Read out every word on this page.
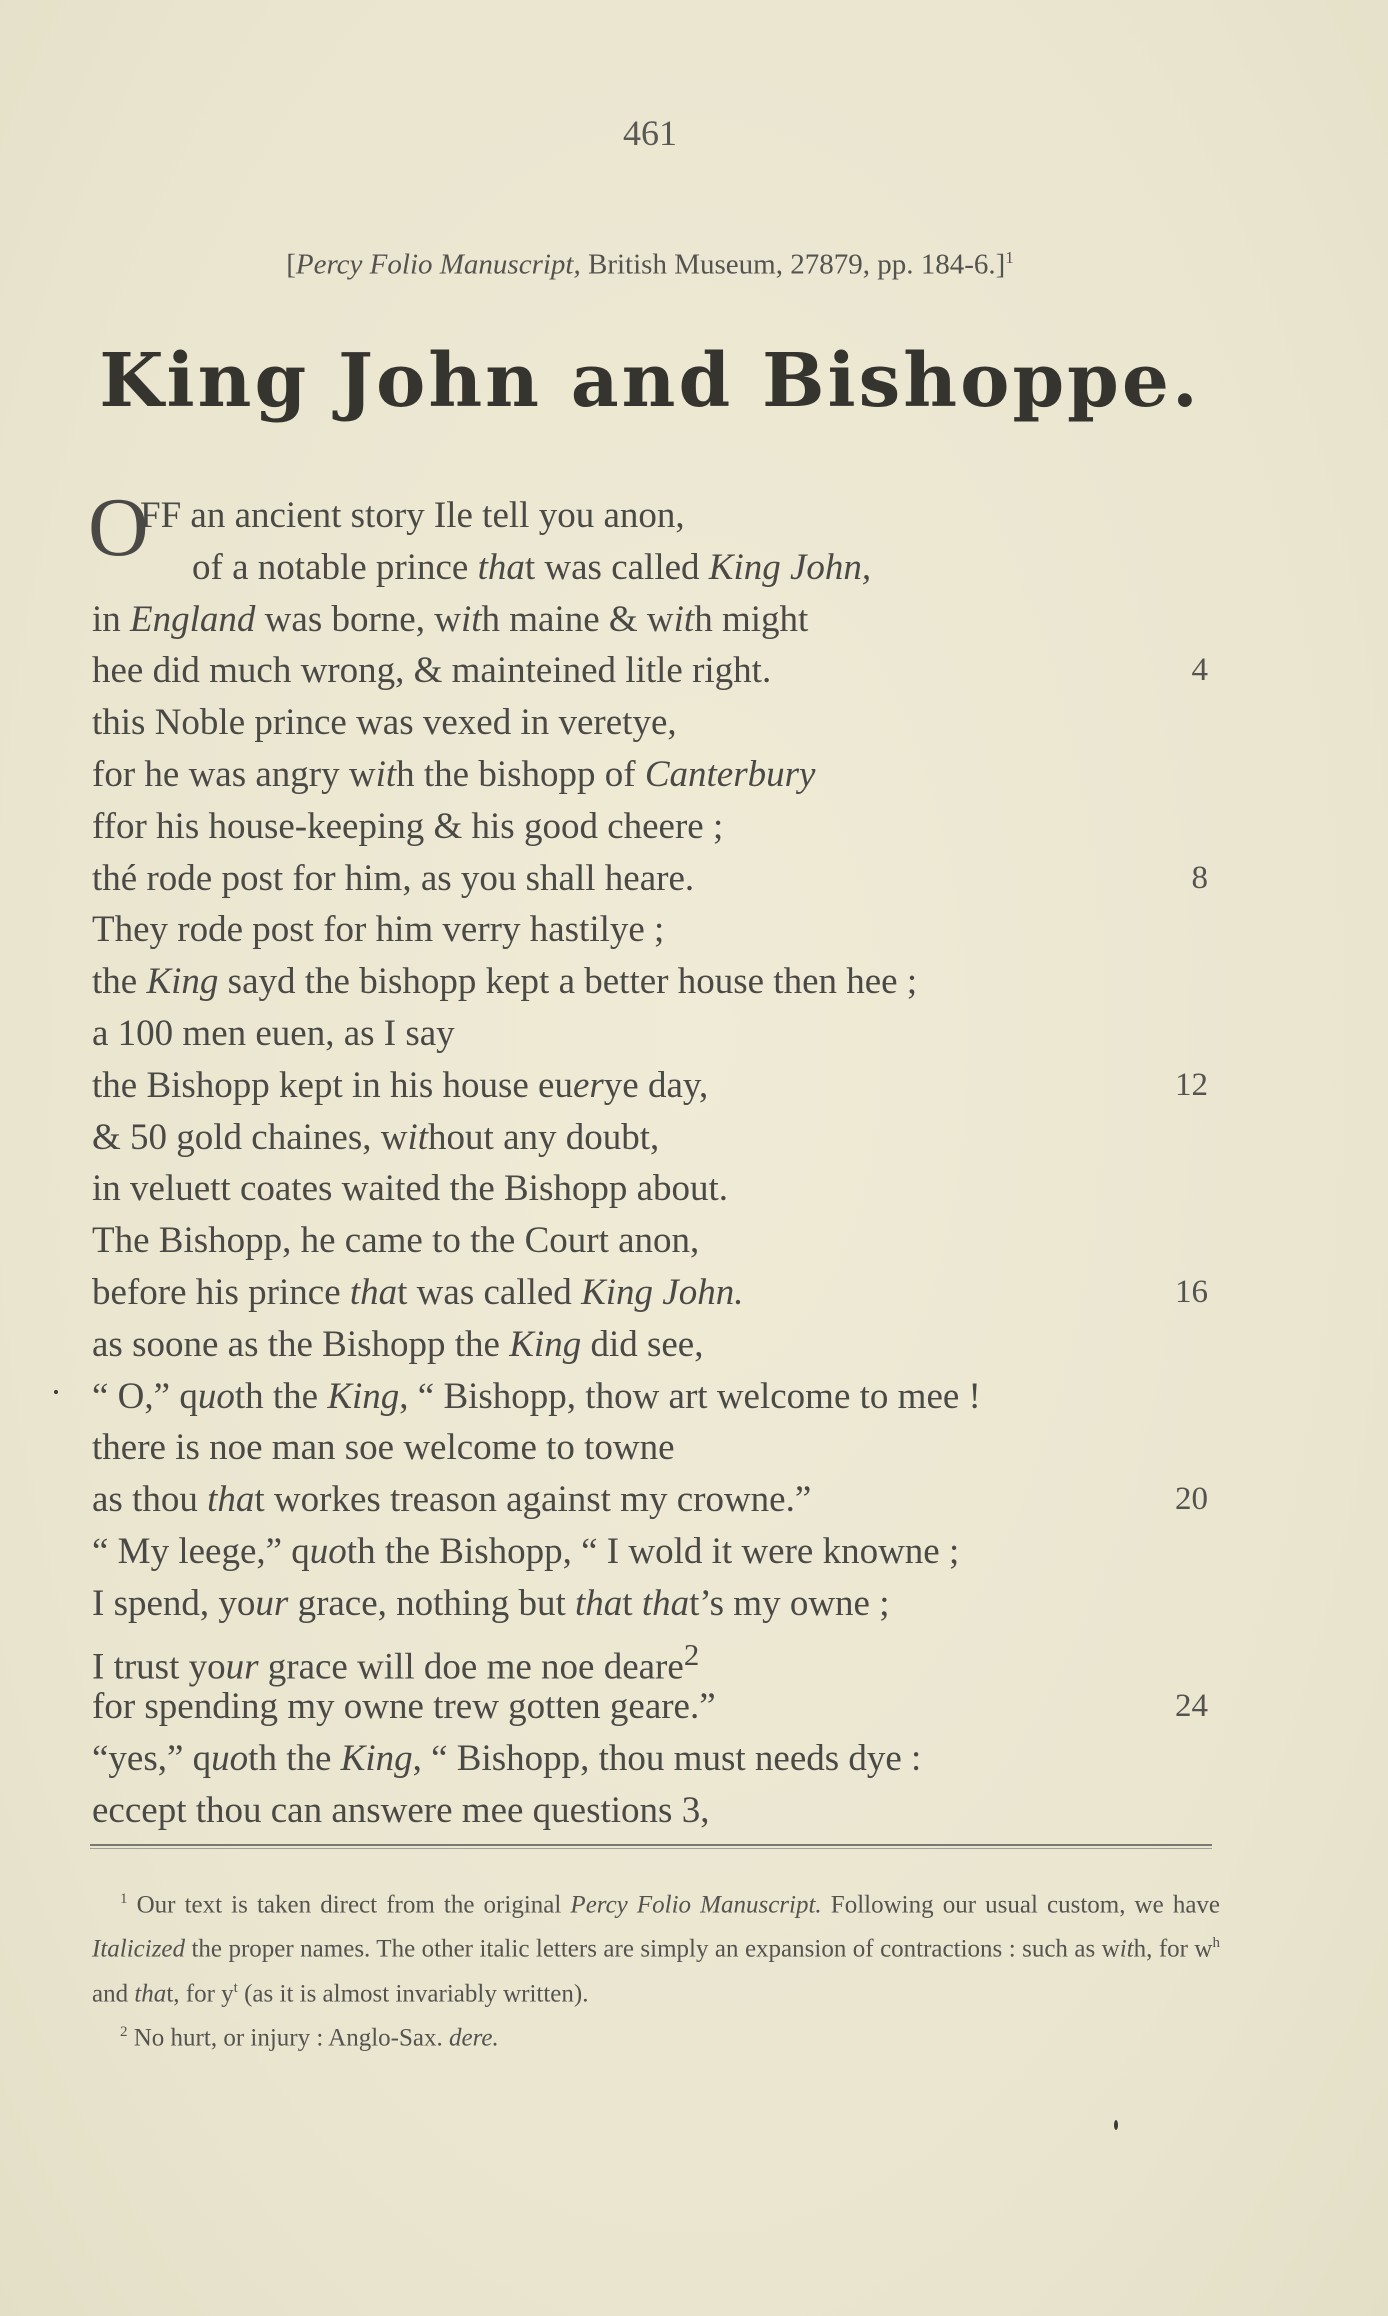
461
[Percy Folio Manuscript, British Museum, 27879, pp. 184-6.]$^1$
King John and Bishoppe.
O
FF an ancient story Ile tell you anon,
of a notable prince that was called King John,
in England was borne, with maine & with might
hee did much wrong, & mainteined litle right.	4
this Noble prince was vexed in veretye,
for he was angry with the bishopp of Canterbury
ffor his house-keeping & his good cheere ;
thé rode post for him, as you shall heare.	8
They rode post for him verry hastilye ;
the King sayd the bishopp kept a better house then hee ;
a 100 men euen, as I say
the Bishopp kept in his house euerye day,	12
& 50 gold chaines, without any doubt,
in veluett coates waited the Bishopp about.
The Bishopp, he came to the Court anon,
before his prince that was called King John.	16
as soone as the Bishopp the King did see,
“ O,” quoth the King, “ Bishopp, thow art welcome to mee !
there is noe man soe welcome to towne
as thou that workes treason against my crowne.”	20
“ My leege,” quoth the Bishopp, “ I wold it were knowne ;
I spend, your grace, nothing but that that’s my owne ;
I trust your grace will doe me noe deare$^2$
for spending my owne trew gotten geare.”	24
“yes,” quoth the King, “ Bishopp, thou must needs dye :
eccept thou can answere mee questions 3,
$^1$ Our text is taken direct from the original Percy Folio Manuscript. Following our usual custom, we have Italicized the proper names. The other italic letters are simply an expansion of contractions : such as with, for $w^h$ and that, for $y^t$ (as it is almost invariably written).
$^2$ No hurt, or injury : Anglo-Sax. dere.
